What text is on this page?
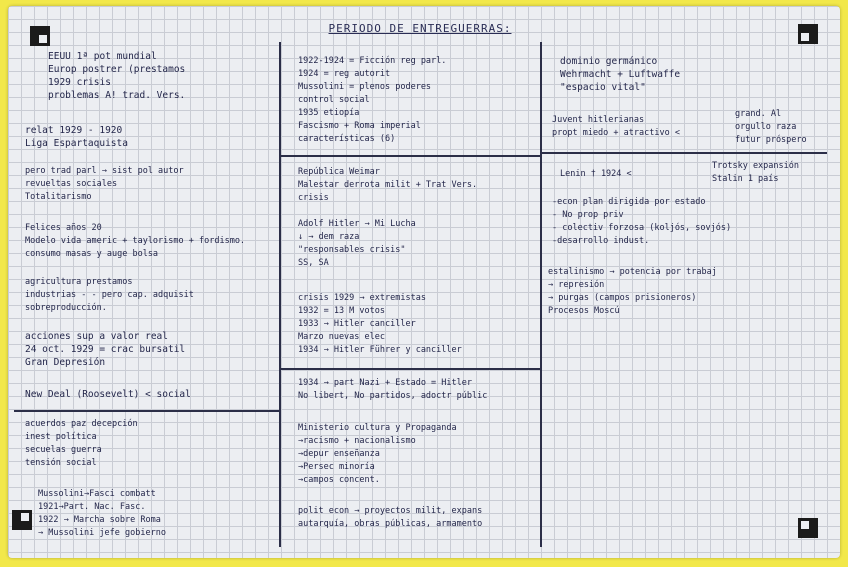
PERIODO DE ENTREGUERRAS:
EEUU 1ª pot mundial
Europ postrer (prestamos
1929 crisis
problemas A! trad. Vers.
relat 1929 - 1920
Liga Espartaquista
pero trad parl → sist pol autor
revueltas sociales
Totalitarismo
Felices años 20
Modelo vida americ + taylorismo + fordismo.
consumo masas y auge bolsa
agricultura prestamos
industrias - - pero cap. adquisit
sobreproducción.
acciones sup a valor real
24 oct. 1929 = crac bursatil
Gran Depresión
New Deal (Roosevelt) < social
acuerdos paz decepción
inest política
secuelas guerra
tensión social
Mussolini→Fasci combatt
1921→Part. Nac. Fasc.
1922 → Marcha sobre Roma
→ Mussolini jefe gobierno
1922-1924 = Ficción reg parl.
1924 = reg autorit
Mussolini = plenos poderes
control social
1935 etiopía
Fascismo + Roma imperial
características (6)
República Weimar
Malestar derrota milit + Trat Vers.
crisis
Adolf Hitler → Mi Lucha
↓ → dem raza
"responsables crisis"
SS, SA
crisis 1929 → extremistas
1932 = 13 M votos
1933 → Hitler canciller
Marzo nuevas elec
1934 → Hitler Führer y canciller
1934 → part Nazi + Estado = Hitler
No libert, No partidos, adoctr públic
Ministerio cultura y Propaganda
→racismo + nacionalismo
→depur enseñanza
→Persec minoría
→campos concent.
polit econ → proyectos milit, expans
autarquía, obras públicas, armamento
dominio germánico
Wehrmacht + Luftwaffe
"espacio vital"
Juvent hitlerianas
propt miedo + atractivo <
grand. Al
orgullo raza
futur próspero
Lenin † 1924 <
Trotsky expansión
Stalin 1 país
-econ plan dirigida por estado
- No prop priv
- colectiv forzosa (koljós, sovjós)
-desarrollo indust.
estalinismo → potencia por trabaj
→ represión
→ purgas (campos prisioneros)
Procesos Moscú
